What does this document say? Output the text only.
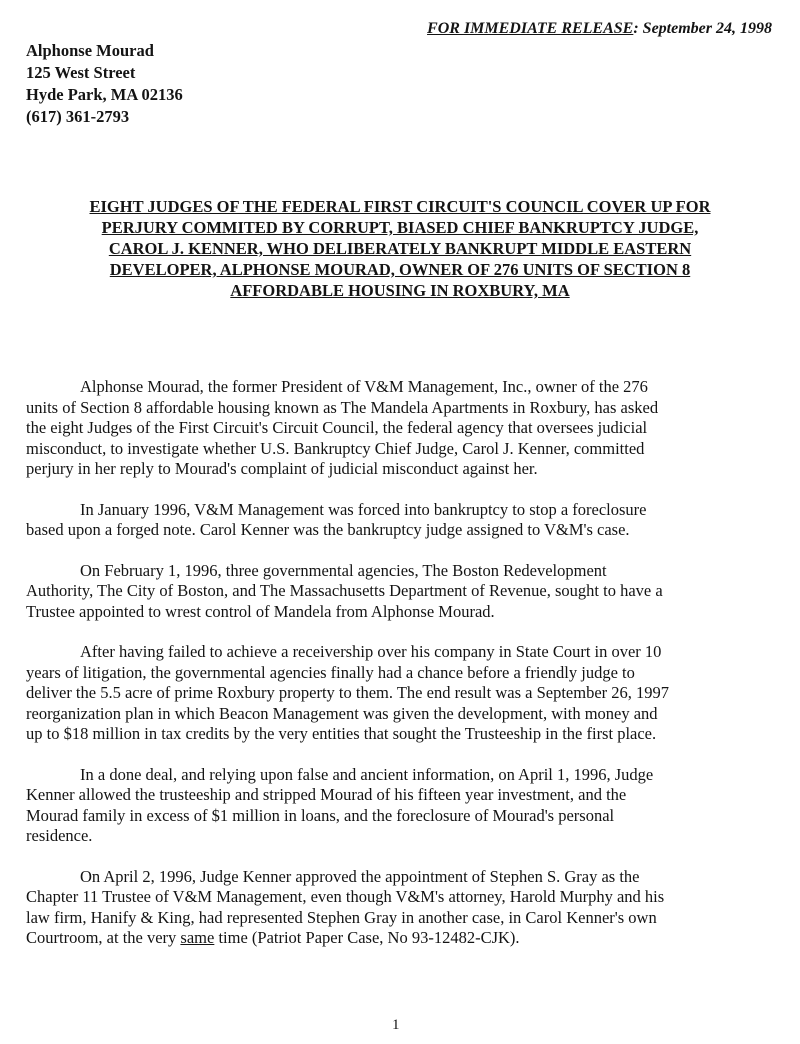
FOR IMMEDIATE RELEASE: September 24, 1998
Alphonse Mourad
125 West Street
Hyde Park, MA 02136
(617) 361-2793
EIGHT JUDGES OF THE FEDERAL FIRST CIRCUIT'S COUNCIL COVER UP FOR
PERJURY COMMITED BY CORRUPT, BIASED CHIEF BANKRUPTCY JUDGE,
CAROL J. KENNER, WHO DELIBERATELY BANKRUPT MIDDLE EASTERN
DEVELOPER, ALPHONSE MOURAD, OWNER OF 276 UNITS OF SECTION 8
AFFORDABLE HOUSING IN ROXBURY, MA
Alphonse Mourad, the former President of V&M Management, Inc., owner of the 276
units of Section 8 affordable housing known as The Mandela Apartments in Roxbury, has asked
the eight Judges of the First Circuit's Circuit Council, the federal agency that oversees judicial
misconduct, to investigate whether U.S. Bankruptcy Chief Judge, Carol J. Kenner, committed
perjury in her reply to Mourad's complaint of judicial misconduct against her.
In January 1996, V&M Management was forced into bankruptcy to stop a foreclosure
based upon a forged note. Carol Kenner was the bankruptcy judge assigned to V&M's case.
On February 1, 1996, three governmental agencies, The Boston Redevelopment
Authority, The City of Boston, and The Massachusetts Department of Revenue, sought to have a
Trustee appointed to wrest control of Mandela from Alphonse Mourad.
After having failed to achieve a receivership over his company in State Court in over 10
years of litigation, the governmental agencies finally had a chance before a friendly judge to
deliver the 5.5 acre of prime Roxbury property to them. The end result was a September 26, 1997
reorganization plan in which Beacon Management was given the development, with money and
up to $18 million in tax credits by the very entities that sought the Trusteeship in the first place.
In a done deal, and relying upon false and ancient information, on April 1, 1996, Judge
Kenner allowed the trusteeship and stripped Mourad of his fifteen year investment, and the
Mourad family in excess of $1 million in loans, and the foreclosure of Mourad's personal
residence.
On April 2, 1996, Judge Kenner approved the appointment of Stephen S. Gray as the
Chapter 11 Trustee of V&M Management, even though V&M's attorney, Harold Murphy and his
law firm, Hanify & King, had represented Stephen Gray in another case, in Carol Kenner's own
Courtroom, at the very same time (Patriot Paper Case, No 93-12482-CJK).
1
